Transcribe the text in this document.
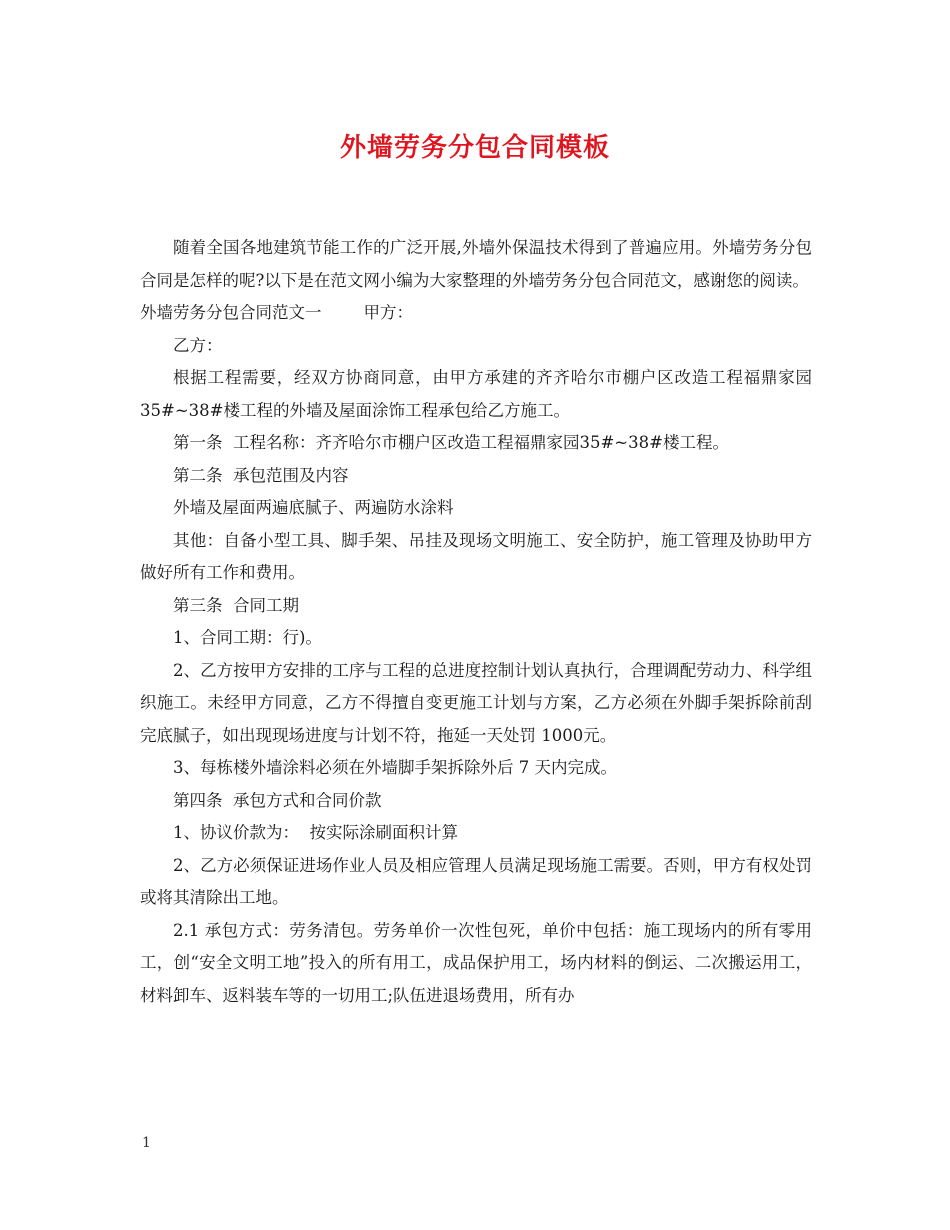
外墙劳务分包合同模板

随着全国各地建筑节能工作的广泛开展,外墙外保温技术得到了普遍应用。外墙劳务分包合同是怎样的呢?以下是在范文网小编为大家整理的外墙劳务分包合同范文，感谢您的阅读。

外墙劳务分包合同范文一        甲方：

乙方：

根据工程需要，经双方协商同意，由甲方承建的齐齐哈尔市棚户区改造工程福鼎家园35#~38#楼工程的外墙及屋面涂饰工程承包给乙方施工。

第一条  工程名称：齐齐哈尔市棚户区改造工程福鼎家园35#~38#楼工程。

第二条  承包范围及内容

外墙及屋面两遍底腻子、两遍防水涂料

其他：自备小型工具、脚手架、吊挂及现场文明施工、安全防护，施工管理及协助甲方做好所有工作和费用。

第三条  合同工期

1、合同工期：行)。

2、乙方按甲方安排的工序与工程的总进度控制计划认真执行，合理调配劳动力、科学组织施工。未经甲方同意，乙方不得擅自变更施工计划与方案，乙方必须在外脚手架拆除前刮完底腻子，如出现现场进度与计划不符，拖延一天处罚 1000元。

3、每栋楼外墙涂料必须在外墙脚手架拆除外后 7 天内完成。

第四条  承包方式和合同价款

1、协议价款为：  按实际涂刷面积计算

2、乙方必须保证进场作业人员及相应管理人员满足现场施工需要。否则，甲方有权处罚或将其清除出工地。

2.1 承包方式：劳务清包。劳务单价一次性包死，单价中包括：施工现场内的所有零用工，创“安全文明工地”投入的所有用工，成品保护用工，场内材料的倒运、二次搬运用工，材料卸车、返料装车等的一切用工;队伍进退场费用，所有办

1
